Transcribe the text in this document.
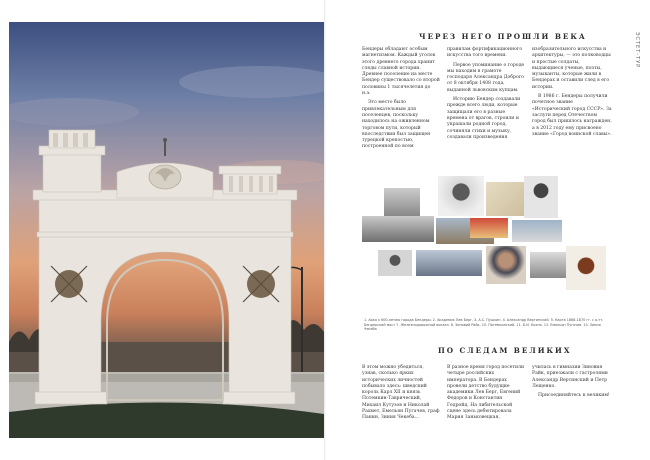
ЭСТЕТ-ТУР
ЧЕРЕЗ НЕГО ПРОШЛИ ВЕКА

Бендеры обладают особым магнетизмом. Каждый уголок этого древнего города хранит следы славной истории. Древнее поселение на месте Бендер существовало со второй половины 1 тысячелетия до н.э.

Это место было привлекательным для поселенцев, поскольку находилось на оживленном торговом пути, который впоследствии был защищен турецкой крепостью, построенной по всем

правилам фортификационного искусства того времени.

Первое упоминание о городе мы находим в грамоте господаря Александра Доброго от 8 октября 1408 года, выданной львовским купцам.

Историю Бендер создавали прежде всего люди, которые защищали его в разные времена от врагов, строили и украшали родной город, сочиняли стихи и музыку, создавали произведения

изобразительного искусства и архитектуры, — это полководцы и простые солдаты, выдающиеся ученые, поэты, музыканты, которые жили в Бендерах и оставили след в его истории.

В 1986 г. Бендеры получили почетное звание «Исторический город СССР». За заслуги перед Отечеством город был пришлось награжден, а в 2012 году ему присвоено звание «Город воинской славы».

1. Арка к 600-летию города Бендеры. 2. Академик Лев Берг. 3. А.С. Пушкин. 4. Александр Вертинский. 5. Карта 1868-1870 гг. с о-тт. Бендерский мост 7. Железнодорожный вокзал. 8. Зиновий Райк. 10. Потемкинский. 11. Б.И. Кохно. 12. Емельян Пугачев. 13. Зиния Чекеба
ПО СЛЕДАМ ВЕЛИКИХ

В этом можно убедиться, узнав, сколько ярких исторических личностей побывало здесь: шведский король Карл XII и князь Потемкин-Таврический, Михаил Кутузов и Николай Рахмет, Емельян Пугачев, граф Панин, Зиния Чекеба...

В разное время город посетили четыре российских императора. В Бендерах провели детство будущие академики Лев Берг, Евгений Федоров и Константин Гедройц. На либительской сцене здесь дебютировала Мария Заньковецкая,

училась в гимназии Зиновия Райк, приезжали с гастролями Александр Вертинский и Петр Лещенко.

Присоединяйтесь к великим!
